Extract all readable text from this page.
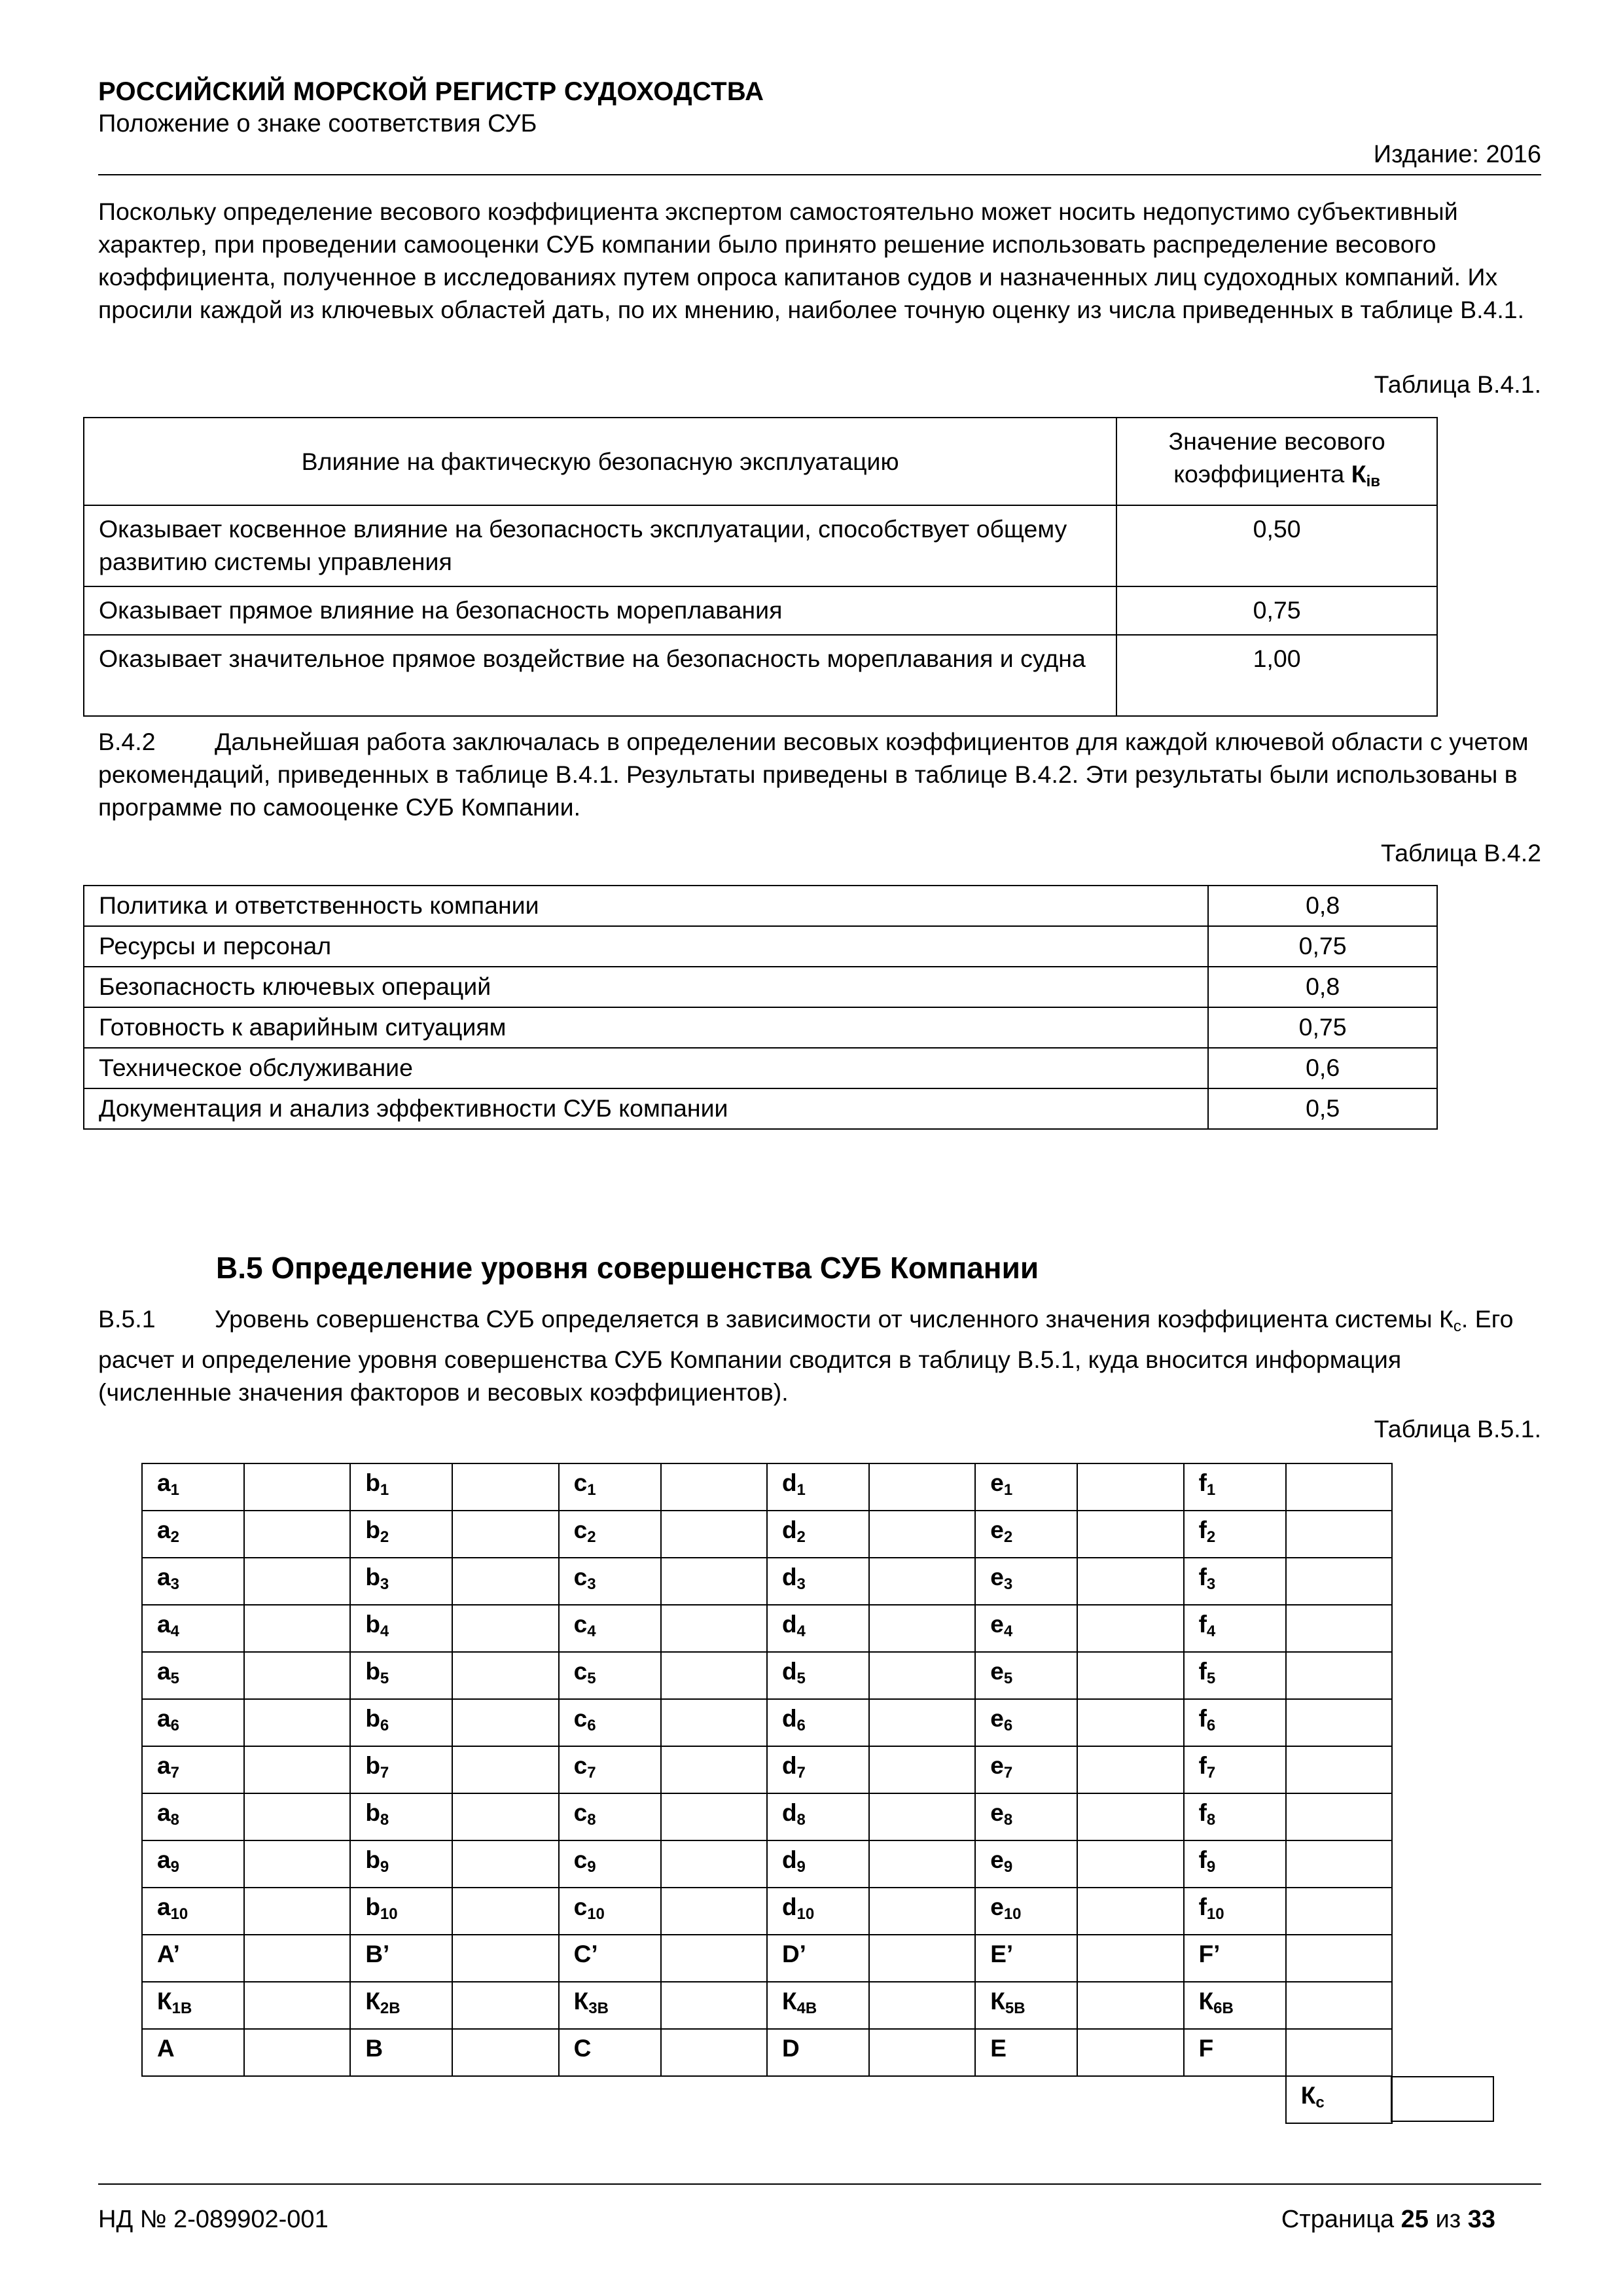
РОССИЙСКИЙ МОРСКОЙ РЕГИСТР СУДОХОДСТВА
Положение о знаке соответствия СУБ
Издание: 2016
Поскольку определение весового коэффициента экспертом самостоятельно может носить недопустимо субъективный характер, при проведении самооценки СУБ компании было принято решение использовать распределение весового коэффициента, полученное в исследованиях путем опроса капитанов судов и назначенных лиц судоходных компаний. Их просили каждой из ключевых областей дать, по их мнению, наиболее точную оценку из числа приведенных в таблице В.4.1.
Таблица В.4.1.
Влияние на фактическую безопасную эксплуатацию	Значение весового
коэффициента $К_{iв}$
Оказывает косвенное влияние на безопасность эксплуатации, способствует общему развитию системы управления	0,50
Оказывает прямое влияние на безопасность мореплавания	0,75
Оказывает значительное прямое воздействие на безопасность мореплавания и судна	1,00
В.4.2 Дальнейшая работа заключалась в определении весовых коэффициентов для каждой ключевой области с учетом рекомендаций, приведенных в таблице В.4.1. Результаты приведены в таблице В.4.2. Эти результаты были использованы в программе по самооценке СУБ Компании.
Таблица В.4.2
Политика и ответственность компании	0,8
Ресурсы и персонал	0,75
Безопасность ключевых операций	0,8
Готовность к аварийным ситуациям	0,75
Техническое обслуживание	0,6
Документация и анализ эффективности СУБ компании	0,5
В.5 Определение уровня совершенства СУБ Компании
В.5.1 Уровень совершенства СУБ определяется в зависимости от численного значения коэффициента системы $К_c$. Его расчет и определение уровня совершенства СУБ Компании сводится в таблицу В.5.1, куда вносится информация (численные значения факторов и весовых коэффициентов).
Таблица В.5.1.
$a_1$		$b_1$		$c_1$		$d_1$		$e_1$		$f_1$	
$a_2$		$b_2$		$c_2$		$d_2$		$e_2$		$f_2$	
$a_3$		$b_3$		$c_3$		$d_3$		$e_3$		$f_3$	
$a_4$		$b_4$		$c_4$		$d_4$		$e_4$		$f_4$	
$a_5$		$b_5$		$c_5$		$d_5$		$e_5$		$f_5$	
$a_6$		$b_6$		$c_6$		$d_6$		$e_6$		$f_6$	
$a_7$		$b_7$		$c_7$		$d_7$		$e_7$		$f_7$	
$a_8$		$b_8$		$c_8$		$d_8$		$e_8$		$f_8$	
$a_9$		$b_9$		$c_9$		$d_9$		$e_9$		$f_9$	
$a_{10}$		$b_{10}$		$c_{10}$		$d_{10}$		$e_{10}$		$f_{10}$	
A’		B’		C’		D’		E’		F’	
$К_{1В}$		$К_{2В}$		$К_{3В}$		$К_{4В}$		$К_{5В}$		$К_{6В}$	
A		B		C		D		E		F	
											$К_c$
НД № 2-089902-001	Страница 25 из 33
